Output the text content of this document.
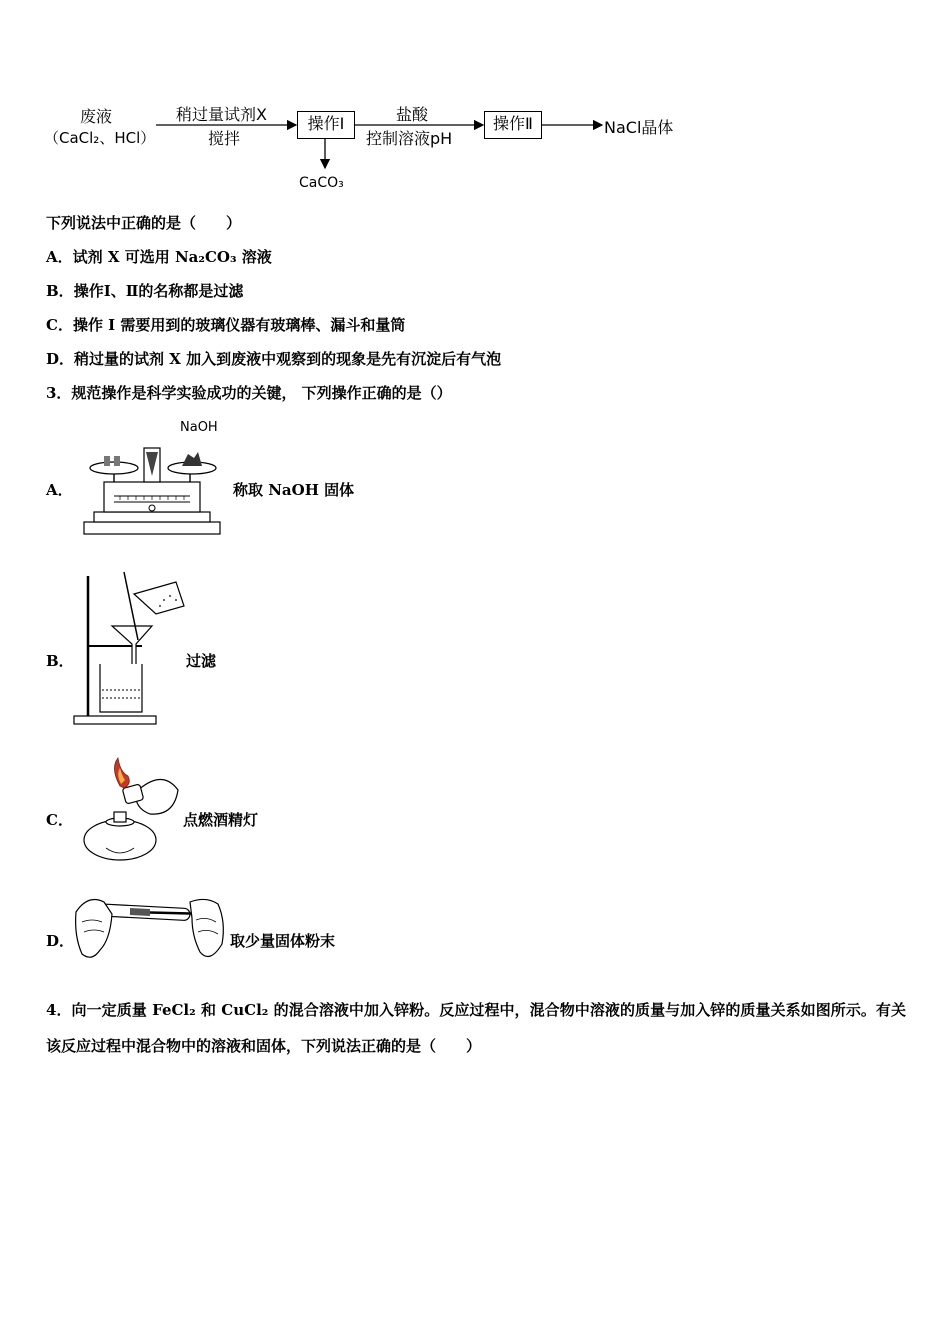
废液
（CaCl₂、HCl）
稍过量试剂X
搅拌
操作Ⅰ
CaCO₃
盐酸
控制溶液pH
操作Ⅱ	NaCl晶体
下列说法中正确的是（　　）
A．试剂 X 可选用 Na₂CO₃ 溶液
B．操作Ⅰ、Ⅱ的名称都是过滤
C．操作 I 需要用到的玻璃仪器有玻璃棒、漏斗和量筒
D．稍过量的试剂 X 加入到废液中观察到的现象是先有沉淀后有气泡
3．规范操作是科学实验成功的关键， 下列操作正确的是（）
A．
NaOH
称取 NaOH 固体
B．	过滤
C．	点燃酒精灯
D．	取少量固体粉末
4．向一定质量 FeCl₂ 和 CuCl₂ 的混合溶液中加入锌粉。反应过程中，混合物中溶液的质量与加入锌的质量关系如图所示。有关该反应过程中混合物中的溶液和固体，下列说法正确的是（　　）
